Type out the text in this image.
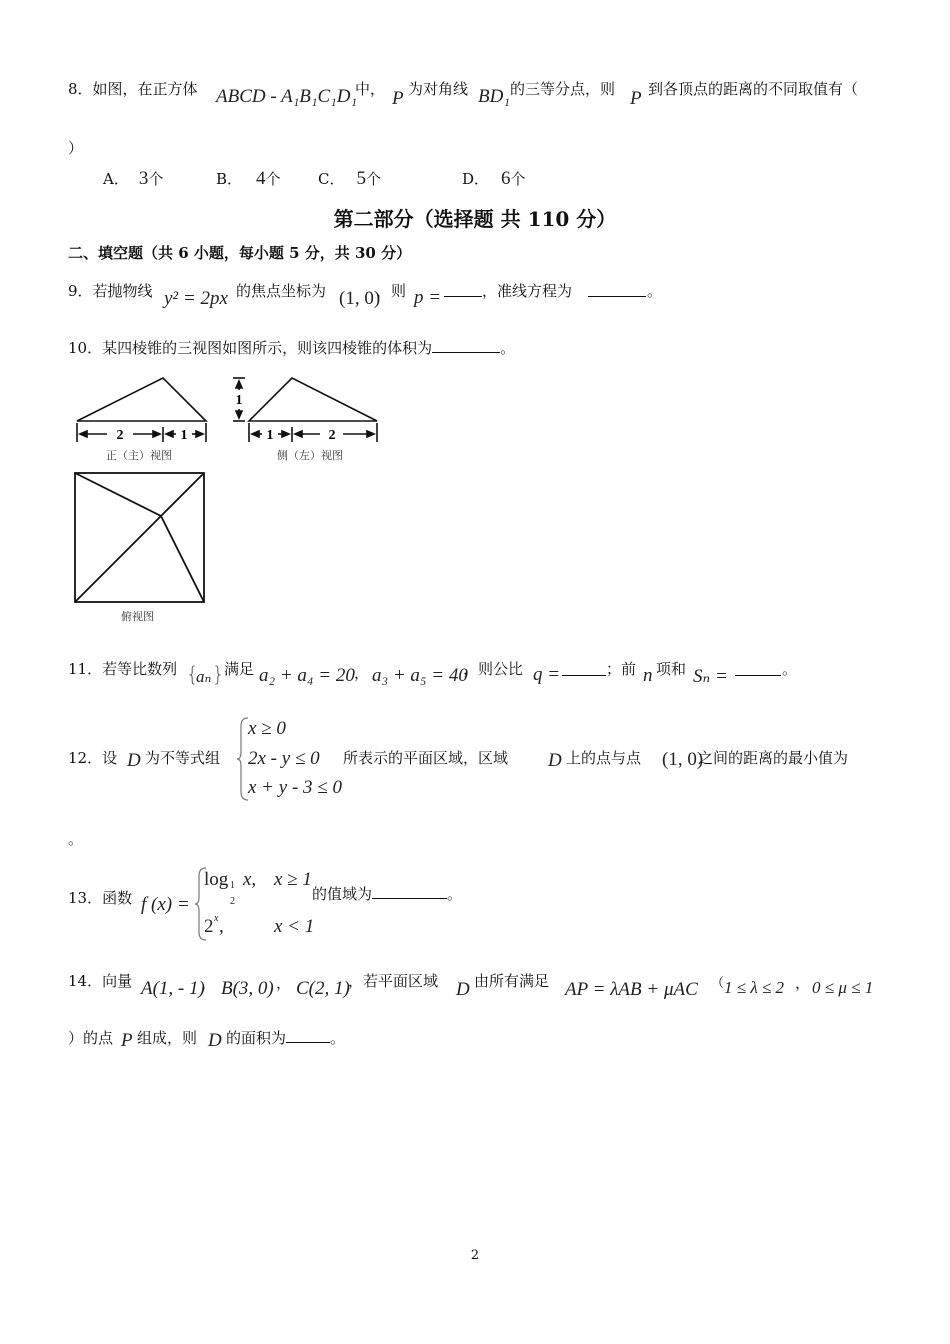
8．如图，在正方体 ABCD - A₁B₁C₁D₁
中， P 为对角线 BD₁ 的三等分点，则 P 到各顶点的距离的不同取值有（
）
A． 3个	B． 4个 C． 5个	D． 6个
第二部分（选择题 共 110 分）
二、填空题（共 6 小题，每小题 5 分，共 30 分）
9．若抛物线 y² = 2px 的焦点坐标为 (1, 0)
，则 p =	，准线方程为	。
10．某四棱锥的三视图如图所示，则该四棱锥的体积为	。
2	1
1
1	2
正（主）视图	侧（左）视图
俯视图
11．若等比数列 {
aₙ } 满足 a₂ + a₄ = 20 ， a₃ + a₅ = 40
，则公比 q =	；前 n 项和 Sₙ =	。
12．设 D 为不等式组
x ≥ 0
2x - y ≤ 0
x + y - 3 ≤ 0
所表示的平面区域，区域 D 上的点与点 (1, 0)
之间的距离的最小值为
。
13．函数 f (x) =
log 1
2
x, x ≥ 1
2 x ,	x < 1
的值域为	。
14．向量 A(1, - 1)
， B(3, 0) ， C(2, 1)
，若平面区域 D 由所有满足 AP = λAB + μAC （ 1 ≤ λ ≤ 2 ， 0 ≤ μ ≤ 1
）的点 P 组成，则 D 的面积为	。
2
